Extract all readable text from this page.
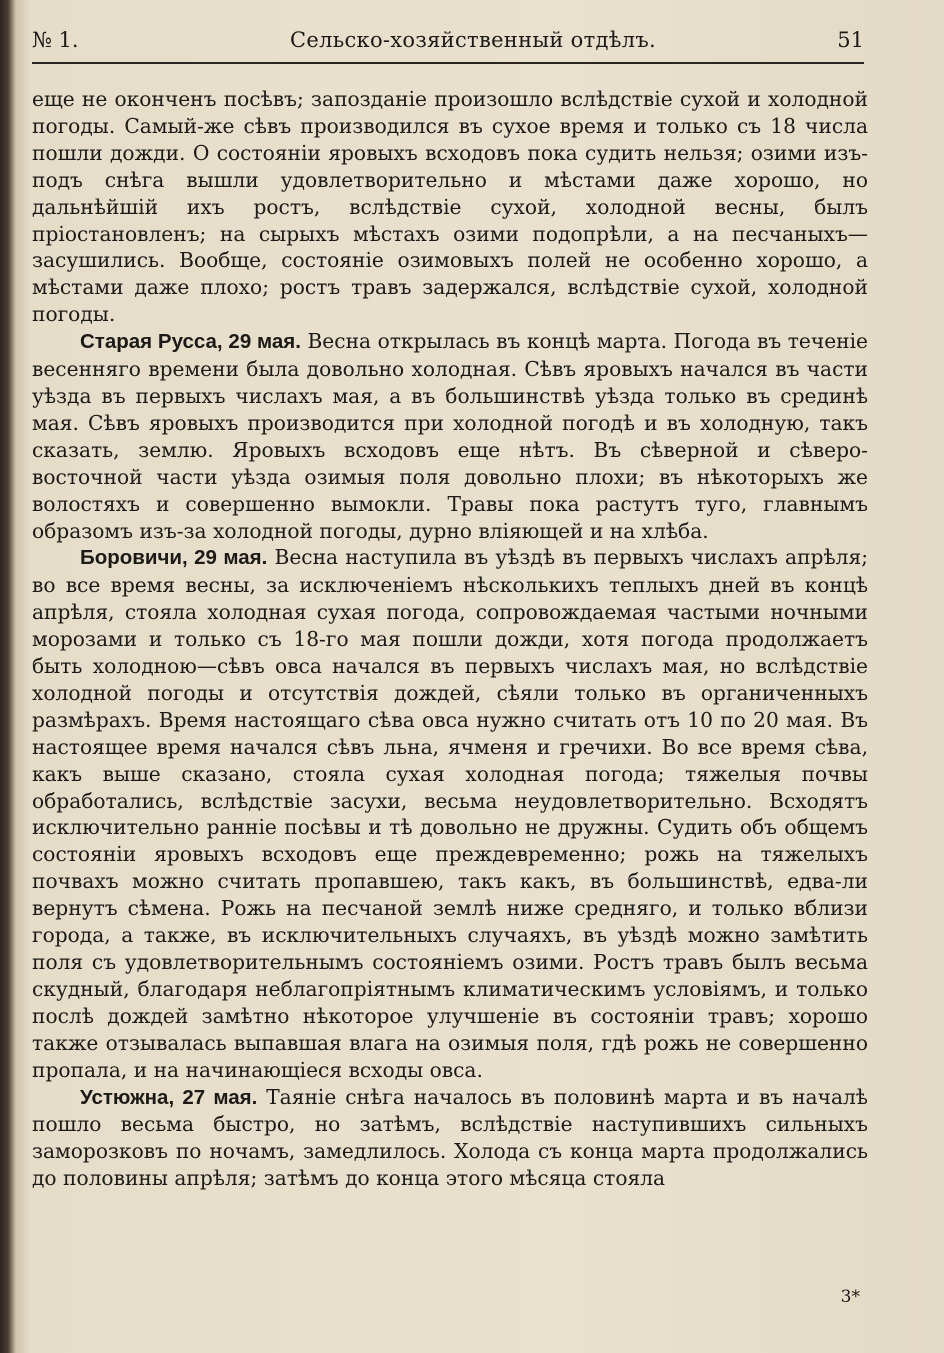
№ 1.	Сельско-хозяйственный отдѣлъ.	51

еще не оконченъ посѣвъ; запозданіе произошло вслѣдствіе сухой и холодной погоды. Самый-же сѣвъ производился въ сухое время и только съ 18 числа пошли дожди. О состояніи яровыхъ всходовъ пока судить нельзя; озими изъ-подъ снѣга вышли удовлетворительно и мѣстами даже хорошо, но дальнѣйшій ихъ ростъ, вслѣдствіе сухой, холодной весны, былъ пріостановленъ; на сырыхъ мѣстахъ озими подопрѣли, а на песчаныхъ—засушились. Вообще, состояніе озимовыхъ полей не особенно хорошо, а мѣстами даже плохо; ростъ травъ задержался, вслѣдствіе сухой, холодной погоды.

Старая Русса, 29 мая. Весна открылась въ концѣ марта. Погода въ теченіе весенняго времени была довольно холодная. Сѣвъ яровыхъ начался въ части уѣзда въ первыхъ числахъ мая, а въ большинствѣ уѣзда только въ срединѣ мая. Сѣвъ яровыхъ производится при холодной погодѣ и въ холодную, такъ сказать, землю. Яровыхъ всходовъ еще нѣтъ. Въ сѣверной и сѣверо-восточной части уѣзда озимыя поля довольно плохи; въ нѣкоторыхъ же волостяхъ и совершенно вымокли. Травы пока растутъ туго, главнымъ образомъ изъ-за холодной погоды, дурно вліяющей и на хлѣба.

Боровичи, 29 мая. Весна наступила въ уѣздѣ въ первыхъ числахъ апрѣля; во все время весны, за исключеніемъ нѣсколькихъ теплыхъ дней въ концѣ апрѣля, стояла холодная сухая погода, сопровождаемая частыми ночными морозами и только съ 18-го мая пошли дожди, хотя погода продолжаетъ быть холодною—сѣвъ овса начался въ первыхъ числахъ мая, но вслѣдствіе холодной погоды и отсутствія дождей, сѣяли только въ органиченныхъ размѣрахъ. Время настоящаго сѣва овса нужно считать отъ 10 по 20 мая. Въ настоящее время начался сѣвъ льна, ячменя и гречихи. Во все время сѣва, какъ выше сказано, стояла сухая холодная погода; тяжелыя почвы обработались, вслѣдствіе засухи, весьма неудовлетворительно. Всходятъ исключительно ранніе посѣвы и тѣ довольно не дружны. Судить объ общемъ состояніи яровыхъ всходовъ еще преждевременно; рожь на тяжелыхъ почвахъ можно считать пропавшею, такъ какъ, въ большинствѣ, едва-ли вернутъ сѣмена. Рожь на песчаной землѣ ниже средняго, и только вблизи города, а также, въ исключительныхъ случаяхъ, въ уѣздѣ можно замѣтить поля съ удовлетворительнымъ состояніемъ озими. Ростъ травъ былъ весьма скудный, благодаря неблагопріятнымъ климатическимъ условіямъ, и только послѣ дождей замѣтно нѣкоторое улучшеніе въ состояніи травъ; хорошо также отзывалась выпавшая влага на озимыя поля, гдѣ рожь не совершенно пропала, и на начинающіеся всходы овса.

Устюжна, 27 мая. Таяніе снѣга началось въ половинѣ марта и въ началѣ пошло весьма быстро, но затѣмъ, вслѣдствіе наступившихъ сильныхъ заморозковъ по ночамъ, замедлилось. Холода съ конца марта продолжались до половины апрѣля; затѣмъ до конца этого мѣсяца стояла

3*
